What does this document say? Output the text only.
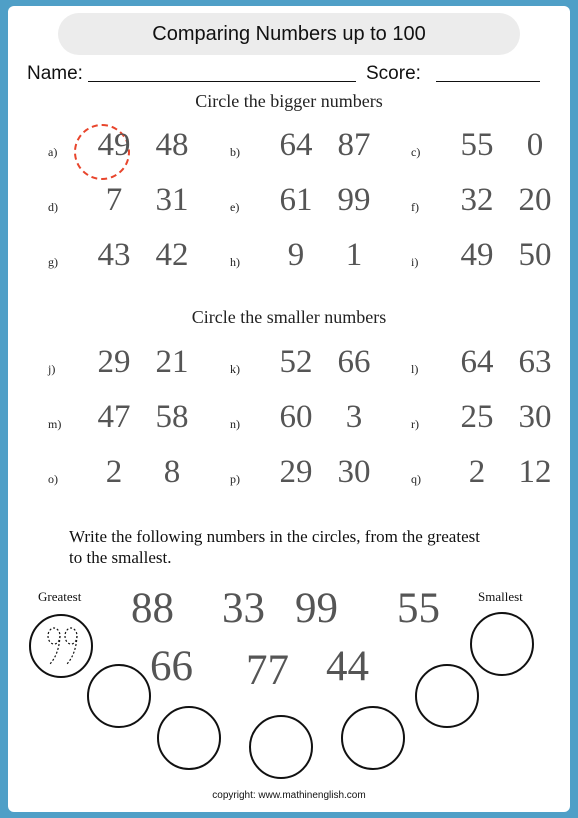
Comparing Numbers up to 100
Name:	Score:
Circle the bigger numbers
a) 49 48	b) 64 87	c) 55	0
d)	7	31	e) 61 99	f) 32 20
g) 43 42	h)	9	1	i) 49 50
Circle the smaller numbers
j) 29 21	k) 52 66	l) 64 63
m) 47 58	n) 60	3	r) 25 30
o)	2	8	p) 29 30	q)	2	12
Write the following numbers in the circles, from the greatest
to the smallest.
Greatest	Smallest
88 33 99 55
66 77 44
copyright: www.mathinenglish.com
